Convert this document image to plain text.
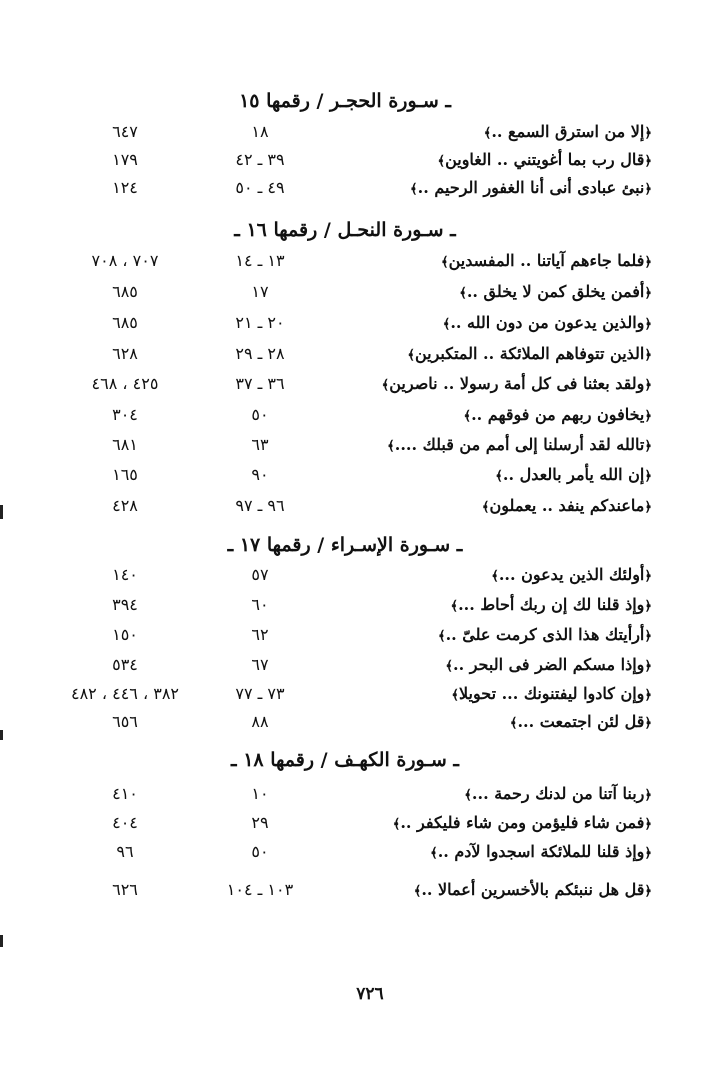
ـ سـورة الحجـر / رقمها ١٥
﴿إلا من استرق السمع ..﴾
١٨
٦٤٧
﴿قال رب بما أغويتني .. الغاوين﴾
٣٩ ـ ٤٢
١٧٩
﴿نبئ عبادى أنى أنا الغفور الرحيم ..﴾
٤٩ ـ ٥٠
١٢٤
ـ سـورة النحـل / رقمها ١٦ ـ
﴿فلما جاءهم آياتنا .. المفسدين﴾
١٣ ـ ١٤
٧٠٧ ، ٧٠٨
﴿أفمن يخلق كمن لا يخلق ..﴾
١٧
٦٨٥
﴿والذين يدعون من دون الله ..﴾
٢٠ ـ ٢١
٦٨٥
﴿الذين تتوفاهم الملائكة .. المتكبرين﴾
٢٨ ـ ٢٩
٦٢٨
﴿ولقد بعثنا فى كل أمة رسولا .. ناصرين﴾
٣٦ ـ ٣٧
٤٢٥ ، ٤٦٨
﴿يخافون ربهم من فوقهم ..﴾
٥٠
٣٠٤
﴿تالله لقد أرسلنا إلى أمم من قبلك ....﴾
٦٣
٦٨١
﴿إن الله يأمر بالعدل ..﴾
٩٠
١٦٥
﴿ماعندكم ينفد .. يعملون﴾
٩٦ ـ ٩٧
٤٢٨
ـ سـورة الإسـراء / رقمها ١٧ ـ
﴿أولئك الذين يدعون ...﴾
٥٧
١٤٠
﴿وإذ قلنا لك إن ربك أحاط ...﴾
٦٠
٣٩٤
﴿أرأيتك هذا الذى كرمت علىّ ..﴾
٦٢
١٥٠
﴿وإذا مسكم الضر فى البحر ..﴾
٦٧
٥٣٤
﴿وإن كادوا ليفتنونك ... تحويلا﴾
٧٣ ـ ٧٧
٣٨٢ ، ٤٤٦ ، ٤٨٢
﴿قل لئن اجتمعت ...﴾
٨٨
٦٥٦
ـ سـورة الكهـف / رقمها ١٨ ـ
﴿ربنا آتنا من لدنك رحمة ...﴾
١٠
٤١٠
﴿فمن شاء فليؤمن ومن شاء فليكفر ..﴾
٢٩
٤٠٤
﴿وإذ قلنا للملائكة اسجدوا لآدم ..﴾
٥٠
٩٦
﴿قل هل ننبئكم بالأخسرين أعمالا ..﴾
١٠٣ ـ ١٠٤
٦٢٦
٧٢٦
